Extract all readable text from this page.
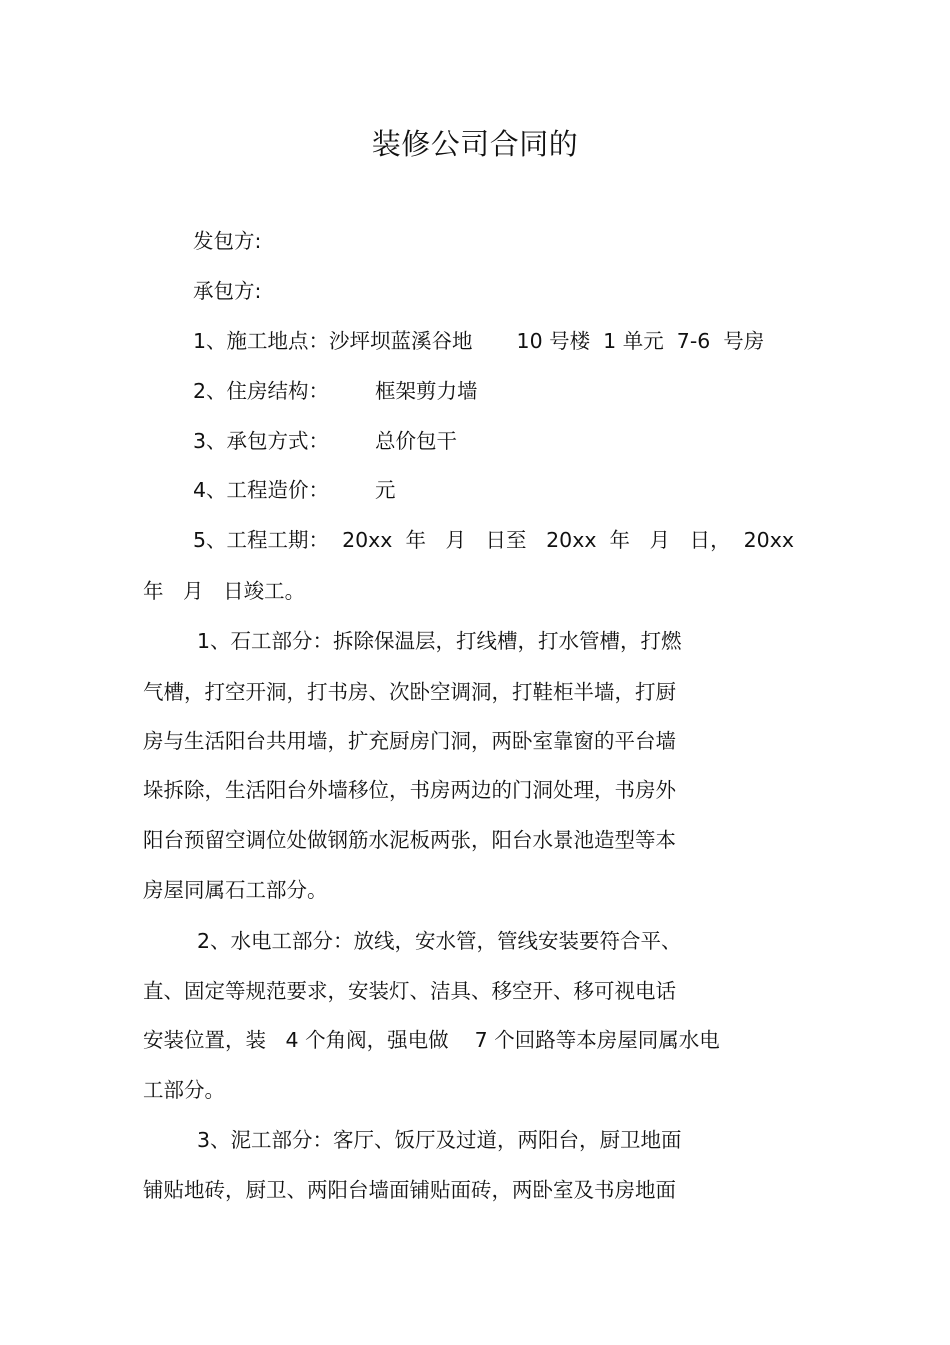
装修公司合同的
发包方:
承包方:
1、施工地点：沙坪坝蓝溪谷地 10 号楼  1 单元  7-6  号房
2、住房结构： 框架剪力墙
3、承包方式： 总价包干
4、工程造价： 元
5、工程工期：  20xx  年   月   日至   20xx  年   月   日，  20xx
年   月   日竣工。
1、石工部分：拆除保温层，打线槽，打水管槽，打燃
气槽，打空开洞，打书房、次卧空调洞，打鞋柜半墙，打厨
房与生活阳台共用墙，扩充厨房门洞，两卧室靠窗的平台墙
垛拆除，生活阳台外墙移位，书房两边的门洞处理，书房外
阳台预留空调位处做钢筋水泥板两张，阳台水景池造型等本
房屋同属石工部分。
2、水电工部分：放线，安水管，管线安装要符合平、
直、固定等规范要求，安装灯、洁具、移空开、移可视电话
安装位置，装   4 个角阀，强电做    7 个回路等本房屋同属水电
工部分。
3、泥工部分：客厅、饭厅及过道，两阳台，厨卫地面
铺贴地砖，厨卫、两阳台墙面铺贴面砖，两卧室及书房地面
